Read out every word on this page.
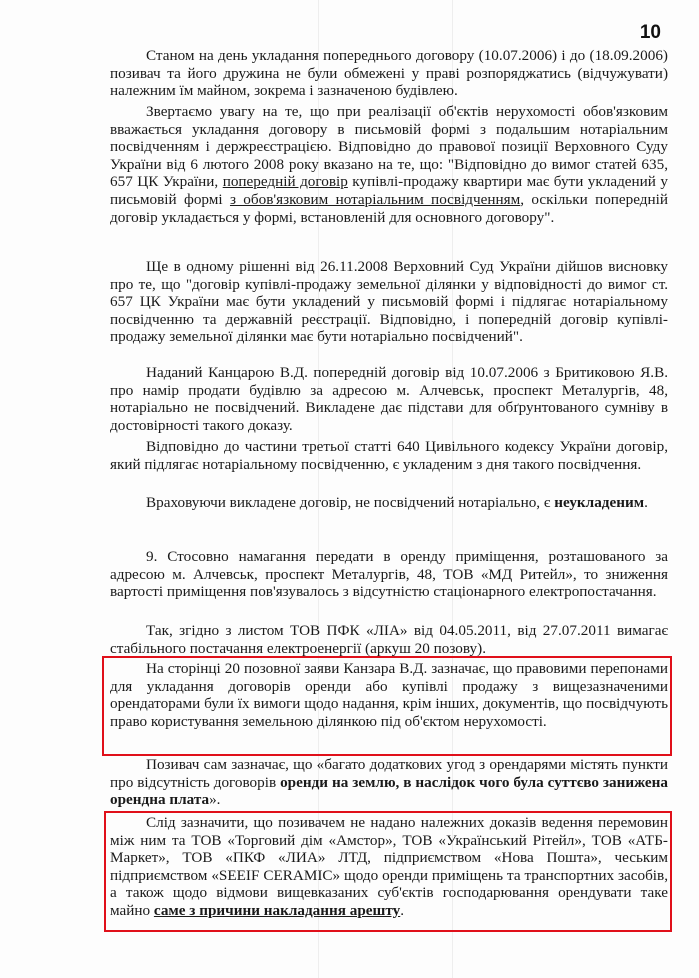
10

Станом на день укладання попереднього договору (10.07.2006) і до (18.09.2006) позивач та його дружина не були обмежені у праві розпоряджатись (відчужувати) належним їм майном, зокрема і зазначеною будівлею.

Звертаємо увагу на те, що при реалізації об'єктів нерухомості обов'язковим вважається укладання договору в письмовій формі з подальшим нотаріальним посвідченням і держреєстрацією. Відповідно до правової позиції Верховного Суду України від 6 лютого 2008 року вказано на те, що: "Відповідно до вимог статей 635, 657 ЦК України, попередній договір купівлі-продажу квартири має бути укладений у письмовій формі з обов'язковим нотаріальним посвідченням, оскільки попередній договір укладається у формі, встановленій для основного договору".

Ще в одному рішенні від 26.11.2008 Верховний Суд України дійшов висновку про те, що "договір купівлі-продажу земельної ділянки у відповідності до вимог ст. 657 ЦК України має бути укладений у письмовій формі і підлягає нотаріальному посвідченню та державній реєстрації. Відповідно, і попередній договір купівлі-продажу земельної ділянки має бути нотаріально посвідчений".

Наданий Канцарою В.Д. попередній договір від 10.07.2006 з Бритиковою Я.В. про намір продати будівлю за адресою м. Алчевськ, проспект Металургів, 48, нотаріально не посвідчений. Викладене дає підстави для обґрунтованого сумніву в достовірності такого доказу.

Відповідно до частини третьої статті 640 Цивільного кодексу України договір, який підлягає нотаріальному посвідченню, є укладеним з дня такого посвідчення.

Враховуючи викладене договір, не посвідчений нотаріально, є неукладеним.

9. Стосовно намагання передати в оренду приміщення, розташованого за адресою м. Алчевськ, проспект Металургів, 48, ТОВ «МД Ритейл», то зниження вартості приміщення пов'язувалось з відсутністю стаціонарного електропостачання.

Так, згідно з листом ТОВ ПФК «ЛІА» від 04.05.2011, від 27.07.2011 вимагає стабільного постачання електроенергії (аркуш 20 позову).

На сторінці 20 позовної заяви Канзара В.Д. зазначає, що правовими перепонами для укладання договорів оренди або купівлі продажу з вищезазначеними орендаторами були їх вимоги щодо надання, крім інших, документів, що посвідчують право користування земельною ділянкою під об'єктом нерухомості.

Позивач сам зазначає, що «багато додаткових угод з орендарями містять пункти про відсутність договорів оренди на землю, в наслідок чого була суттєво занижена орендна плата».

Слід зазначити, що позивачем не надано належних доказів ведення перемовин між ним та ТОВ «Торговий дім «Амстор», ТОВ «Український Рітейл», ТОВ «АТБ-Маркет», ТОВ «ПКФ «ЛИА» ЛТД, підприємством «Нова Пошта», чеським підприємством «SEEIF CERAMIC» щодо оренди приміщень та транспортних засобів, а також щодо відмови вищевказаних суб'єктів господарювання орендувати таке майно саме з причини накладання арешту.
